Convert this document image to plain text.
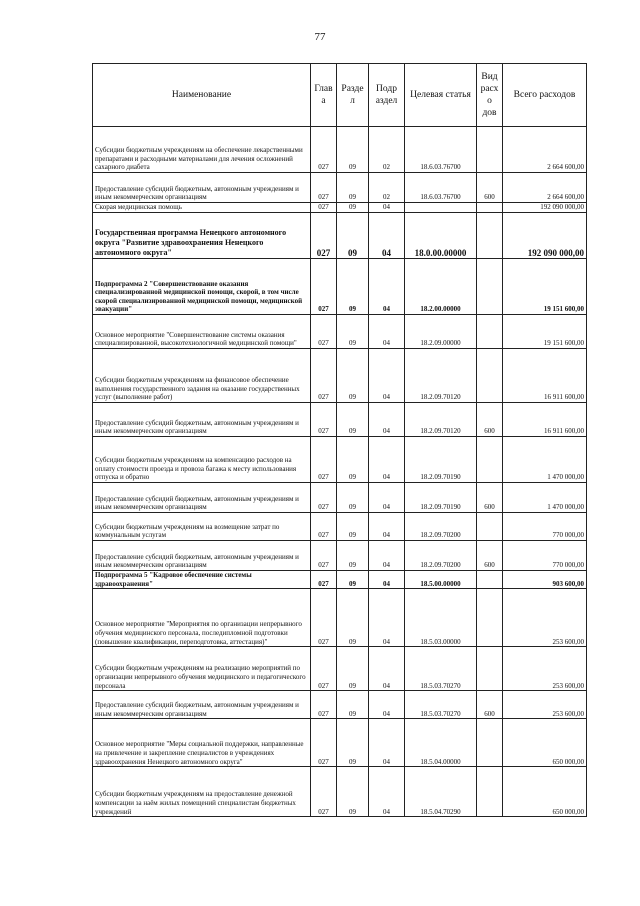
77
Наименование	Глава	Разде л	Подр аздел	Целевая статья	Вид расхо дов	Всего расходов
Субсидии бюджетным учреждениям на обеспечение лекарственными препаратами и расходными материалами для лечения осложнений сахарного диабета	027	09	02	18.6.03.76700		2 664 600,00
Предоставление субсидий бюджетным, автономным учреждениям и иным некоммерческим организациям	027	09	02	18.6.03.76700	600	2 664 600,00
Скорая медицинская помощь	027	09	04			192 090 000,00
Государственная программа Ненецкого автономного округа "Развитие здравоохранения Ненецкого автономного округа"	027	09	04	18.0.00.00000		192 090 000,00
Подпрограмма 2 "Совершенствование оказания специализированной медицинской помощи, скорой, в том числе скорой специализированной медицинской помощи, медицинской эвакуации"	027	09	04	18.2.00.00000		19 151 600,00
Основное мероприятие "Совершенствование системы оказания специализированной, высокотехнологичной медицинской помощи"	027	09	04	18.2.09.00000		19 151 600,00
Субсидии бюджетным учреждениям на финансовое обеспечение выполнения государственного задания на оказание государственных услуг (выполнение работ)	027	09	04	18.2.09.70120		16 911 600,00
Предоставление субсидий бюджетным, автономным учреждениям и иным некоммерческим организациям	027	09	04	18.2.09.70120	600	16 911 600,00
Субсидии бюджетным учреждениям на компенсацию расходов на оплату стоимости проезда и провоза багажа к месту использования отпуска и обратно	027	09	04	18.2.09.70190		1 470 000,00
Предоставление субсидий бюджетным, автономным учреждениям и иным некоммерческим организациям	027	09	04	18.2.09.70190	600	1 470 000,00
Субсидии бюджетным учреждениям на возмещение затрат по коммунальным услугам	027	09	04	18.2.09.70200		770 000,00
Предоставление субсидий бюджетным, автономным учреждениям и иным некоммерческим организациям	027	09	04	18.2.09.70200	600	770 000,00
Подпрограмма 5 "Кадровое обеспечение системы здравоохранения"	027	09	04	18.5.00.00000		903 600,00
Основное мероприятие "Мероприятия по организации непрерывного обучения медицинского персонала, последипломной подготовки (повышение квалификации, переподготовка, аттестация)"	027	09	04	18.5.03.00000		253 600,00
Субсидии бюджетным учреждениям на реализацию мероприятий по организации непрерывного обучения медицинского и педагогического персонала	027	09	04	18.5.03.70270		253 600,00
Предоставление субсидий бюджетным, автономным учреждениям и иным некоммерческим организациям	027	09	04	18.5.03.70270	600	253 600,00
Основное мероприятие "Меры социальной поддержки, направленные на привлечение и закрепление специалистов в учреждениях здравоохранения Ненецкого автономного округа"	027	09	04	18.5.04.00000		650 000,00
Субсидии бюджетным учреждениям на предоставление денежной компенсации за наём жилых помещений специалистам бюджетных учреждений	027	09	04	18.5.04.70290		650 000,00
